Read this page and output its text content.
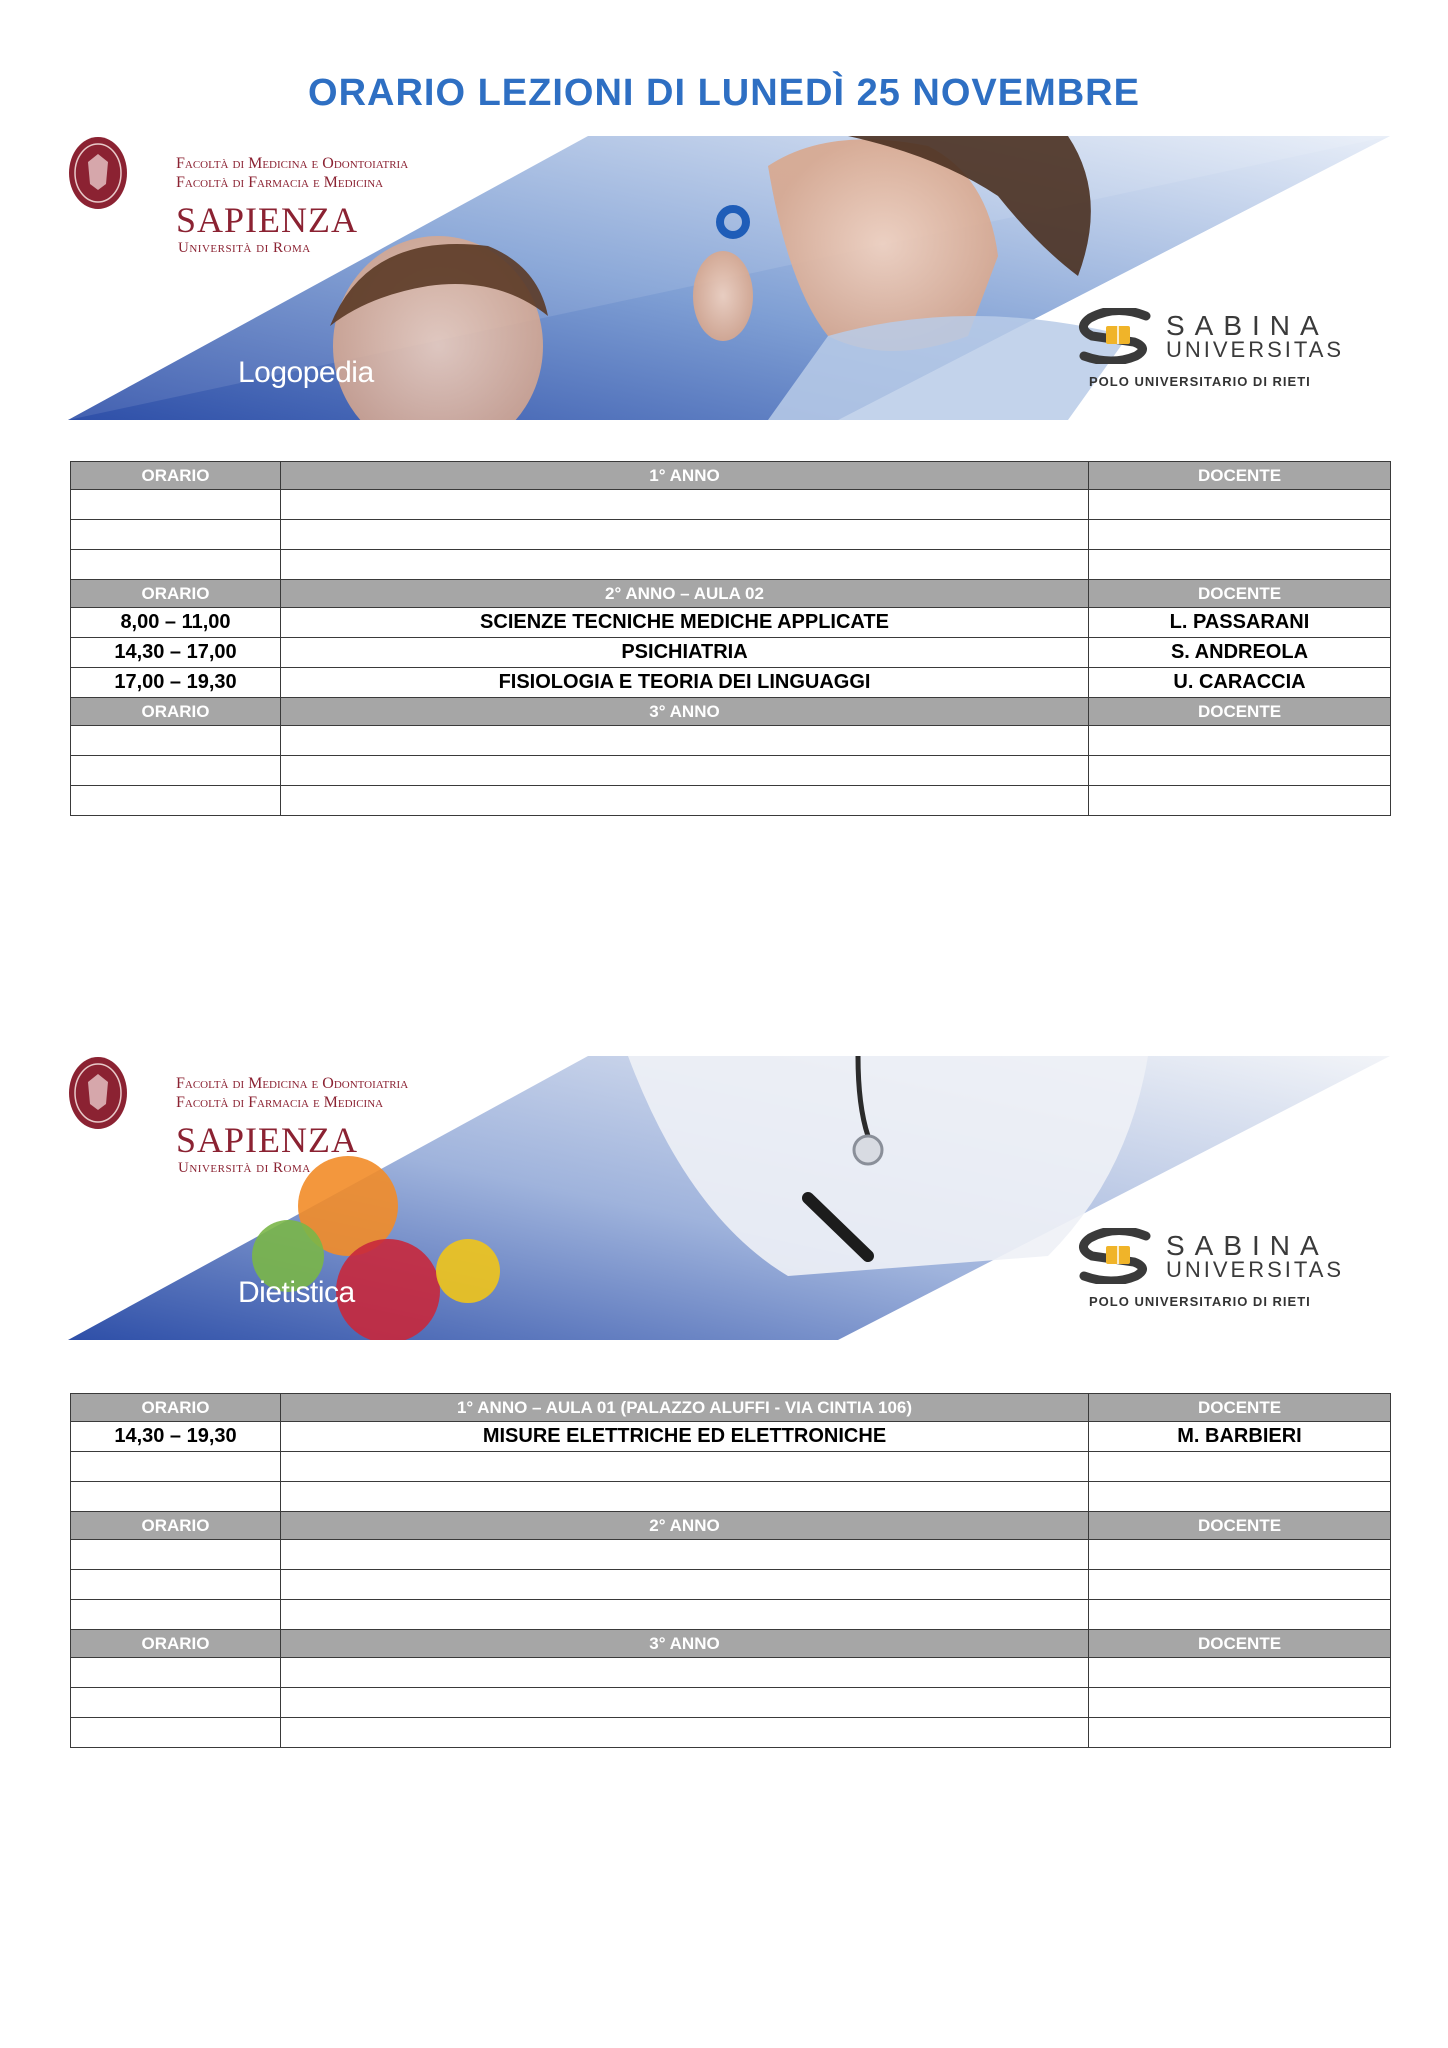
ORARIO LEZIONI DI LUNEDÌ 25 NOVEMBRE
Facoltà di Medicina e Odontoiatria
Facoltà di Farmacia e Medicina
SAPIENZA
Università di Roma
Logopedia
SABINA
UNIVERSITAS
POLO UNIVERSITARIO DI RIETI
ORARIO	1° ANNO	DOCENTE

ORARIO	2° ANNO – AULA 02	DOCENTE
8,00 – 11,00	SCIENZE TECNICHE MEDICHE APPLICATE	L. PASSARANI
14,30 – 17,00	PSICHIATRIA	S. ANDREOLA
17,00 – 19,30	FISIOLOGIA E TEORIA DEI LINGUAGGI	U. CARACCIA
ORARIO	3° ANNO	DOCENTE

Facoltà di Medicina e Odontoiatria
Facoltà di Farmacia e Medicina
SAPIENZA
Università di Roma
Dietistica
SABINA
UNIVERSITAS
POLO UNIVERSITARIO DI RIETI
ORARIO	1° ANNO – AULA 01 (PALAZZO ALUFFI - VIA CINTIA 106)	DOCENTE
14,30 – 19,30	MISURE ELETTRICHE ED ELETTRONICHE	M. BARBIERI

ORARIO	2° ANNO	DOCENTE

ORARIO	3° ANNO	DOCENTE
